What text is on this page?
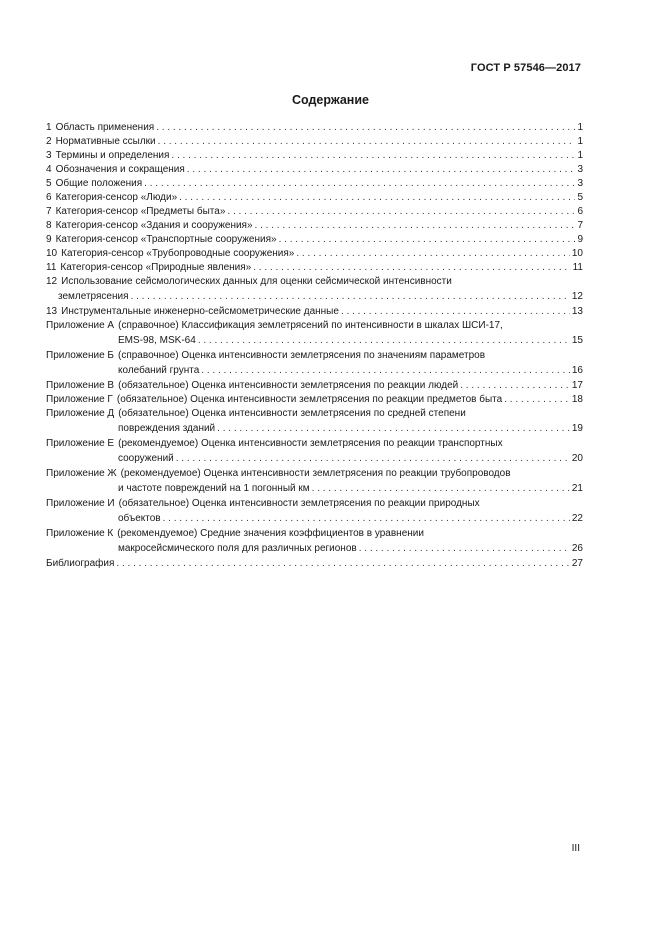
ГОСТ Р 57546—2017
Содержание
1 Область применения . . .	1
2 Нормативные ссылки . . .	1
3 Термины и определения . . .	1
4 Обозначения и сокращения . . .	3
5 Общие положения . . .	3
6 Категория-сенсор «Люди» . . .	5
7 Категория-сенсор «Предметы быта» . . .	6
8 Категория-сенсор «Здания и сооружения» . . .	7
9 Категория-сенсор «Транспортные сооружения» . . .	9
10 Категория-сенсор «Трубопроводные сооружения» . . .	10
11 Категория-сенсор «Природные явления» . . .	11
12 Использование сейсмологических данных для оценки сейсмической интенсивности
землетрясения . . .	12
13 Инструментальные инженерно-сейсмометрические данные . . .	13
Приложение А (справочное) Классификация землетрясений по интенсивности в шкалах ШСИ-17,
EMS-98, MSK-64 . . .	15
Приложение Б (справочное) Оценка интенсивности землетрясения по значениям параметров
колебаний грунта . . .	16
Приложение В (обязательное) Оценка интенсивности землетрясения по реакции людей . . .	17
Приложение Г (обязательное) Оценка интенсивности землетрясения по реакции предметов быта . . .	18
Приложение Д (обязательное) Оценка интенсивности землетрясения по средней степени
повреждения зданий . . .	19
Приложение Е (рекомендуемое) Оценка интенсивности землетрясения по реакции транспортных
сооружений . . .	20
Приложение Ж (рекомендуемое) Оценка интенсивности землетрясения по реакции трубопроводов
и частоте повреждений на 1 погонный км . . .	21
Приложение И (обязательное) Оценка интенсивности землетрясения по реакции природных
объектов . . .	22
Приложение К (рекомендуемое) Средние значения коэффициентов в уравнении
макросейсмического поля для различных регионов . . .	26
Библиография . . .	27
III
